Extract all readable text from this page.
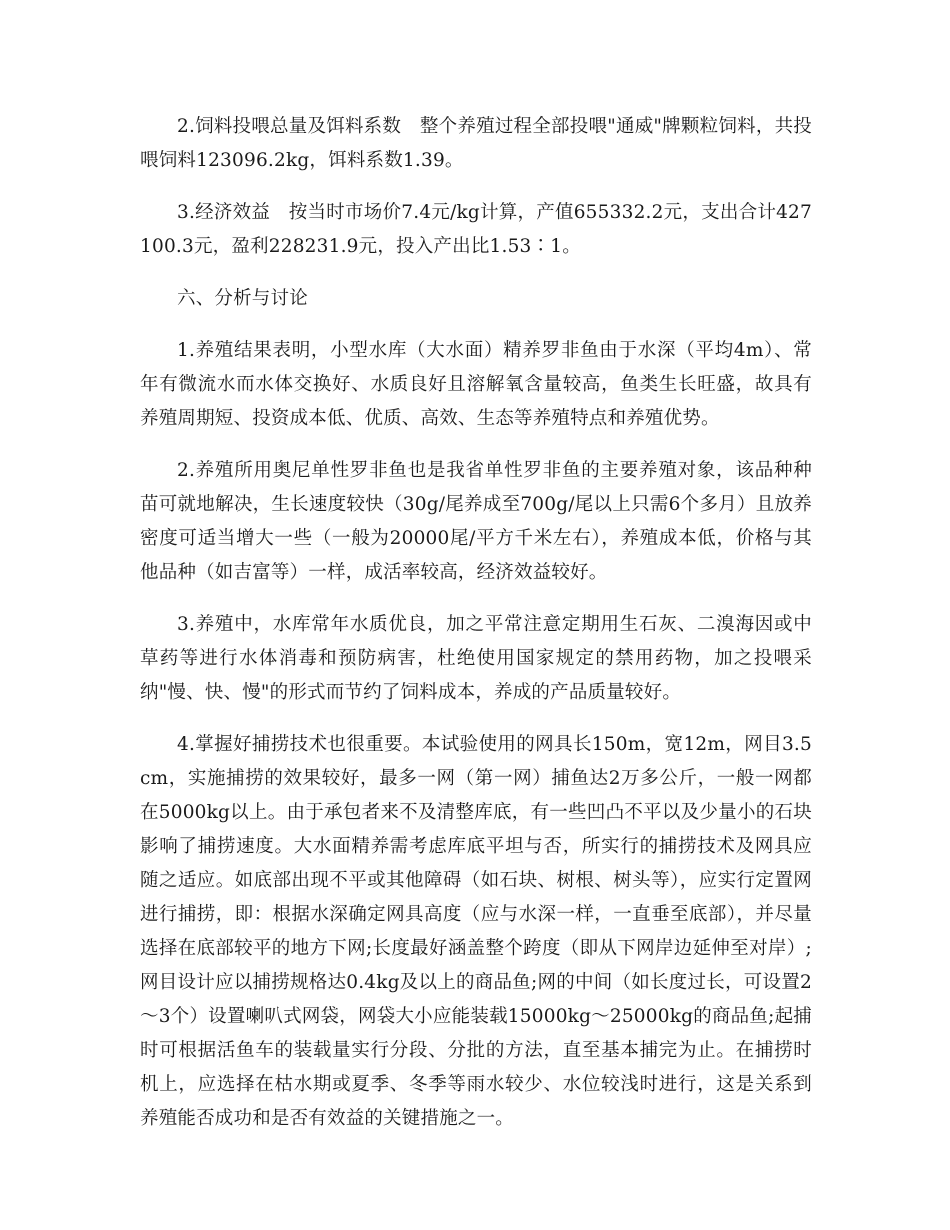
2.饲料投喂总量及饵料系数　整个养殖过程全部投喂"通威"牌颗粒饲料，共投喂饲料123096.2kg，饵料系数1.39。

3.经济效益　按当时市场价7.4元/kg计算，产值655332.2元，支出合计427100.3元，盈利228231.9元，投入产出比1.53∶1。

六、分析与讨论

1.养殖结果表明，小型水库（大水面）精养罗非鱼由于水深（平均4m）、常年有微流水而水体交换好、水质良好且溶解氧含量较高，鱼类生长旺盛，故具有养殖周期短、投资成本低、优质、高效、生态等养殖特点和养殖优势。

2.养殖所用奥尼单性罗非鱼也是我省单性罗非鱼的主要养殖对象，该品种种苗可就地解决，生长速度较快（30g/尾养成至700g/尾以上只需6个多月）且放养密度可适当增大一些（一般为20000尾/平方千米左右），养殖成本低，价格与其他品种（如吉富等）一样，成活率较高，经济效益较好。

3.养殖中，水库常年水质优良，加之平常注意定期用生石灰、二溴海因或中草药等进行水体消毒和预防病害，杜绝使用国家规定的禁用药物，加之投喂采纳"慢、快、慢"的形式而节约了饲料成本，养成的产品质量较好。

4.掌握好捕捞技术也很重要。本试验使用的网具长150m，宽12m，网目3.5cm，实施捕捞的效果较好，最多一网（第一网）捕鱼达2万多公斤，一般一网都在5000kg以上。由于承包者来不及清整库底，有一些凹凸不平以及少量小的石块影响了捕捞速度。大水面精养需考虑库底平坦与否，所实行的捕捞技术及网具应随之适应。如底部出现不平或其他障碍（如石块、树根、树头等），应实行定置网进行捕捞，即：根据水深确定网具高度（应与水深一样，一直垂至底部），并尽量选择在底部较平的地方下网;长度最好涵盖整个跨度（即从下网岸边延伸至对岸）;网目设计应以捕捞规格达0.4kg及以上的商品鱼;网的中间（如长度过长，可设置2～3个）设置喇叭式网袋，网袋大小应能装载15000kg～25000kg的商品鱼;起捕时可根据活鱼车的装载量实行分段、分批的方法，直至基本捕完为止。在捕捞时机上，应选择在枯水期或夏季、冬季等雨水较少、水位较浅时进行，这是关系到养殖能否成功和是否有效益的关键措施之一。
